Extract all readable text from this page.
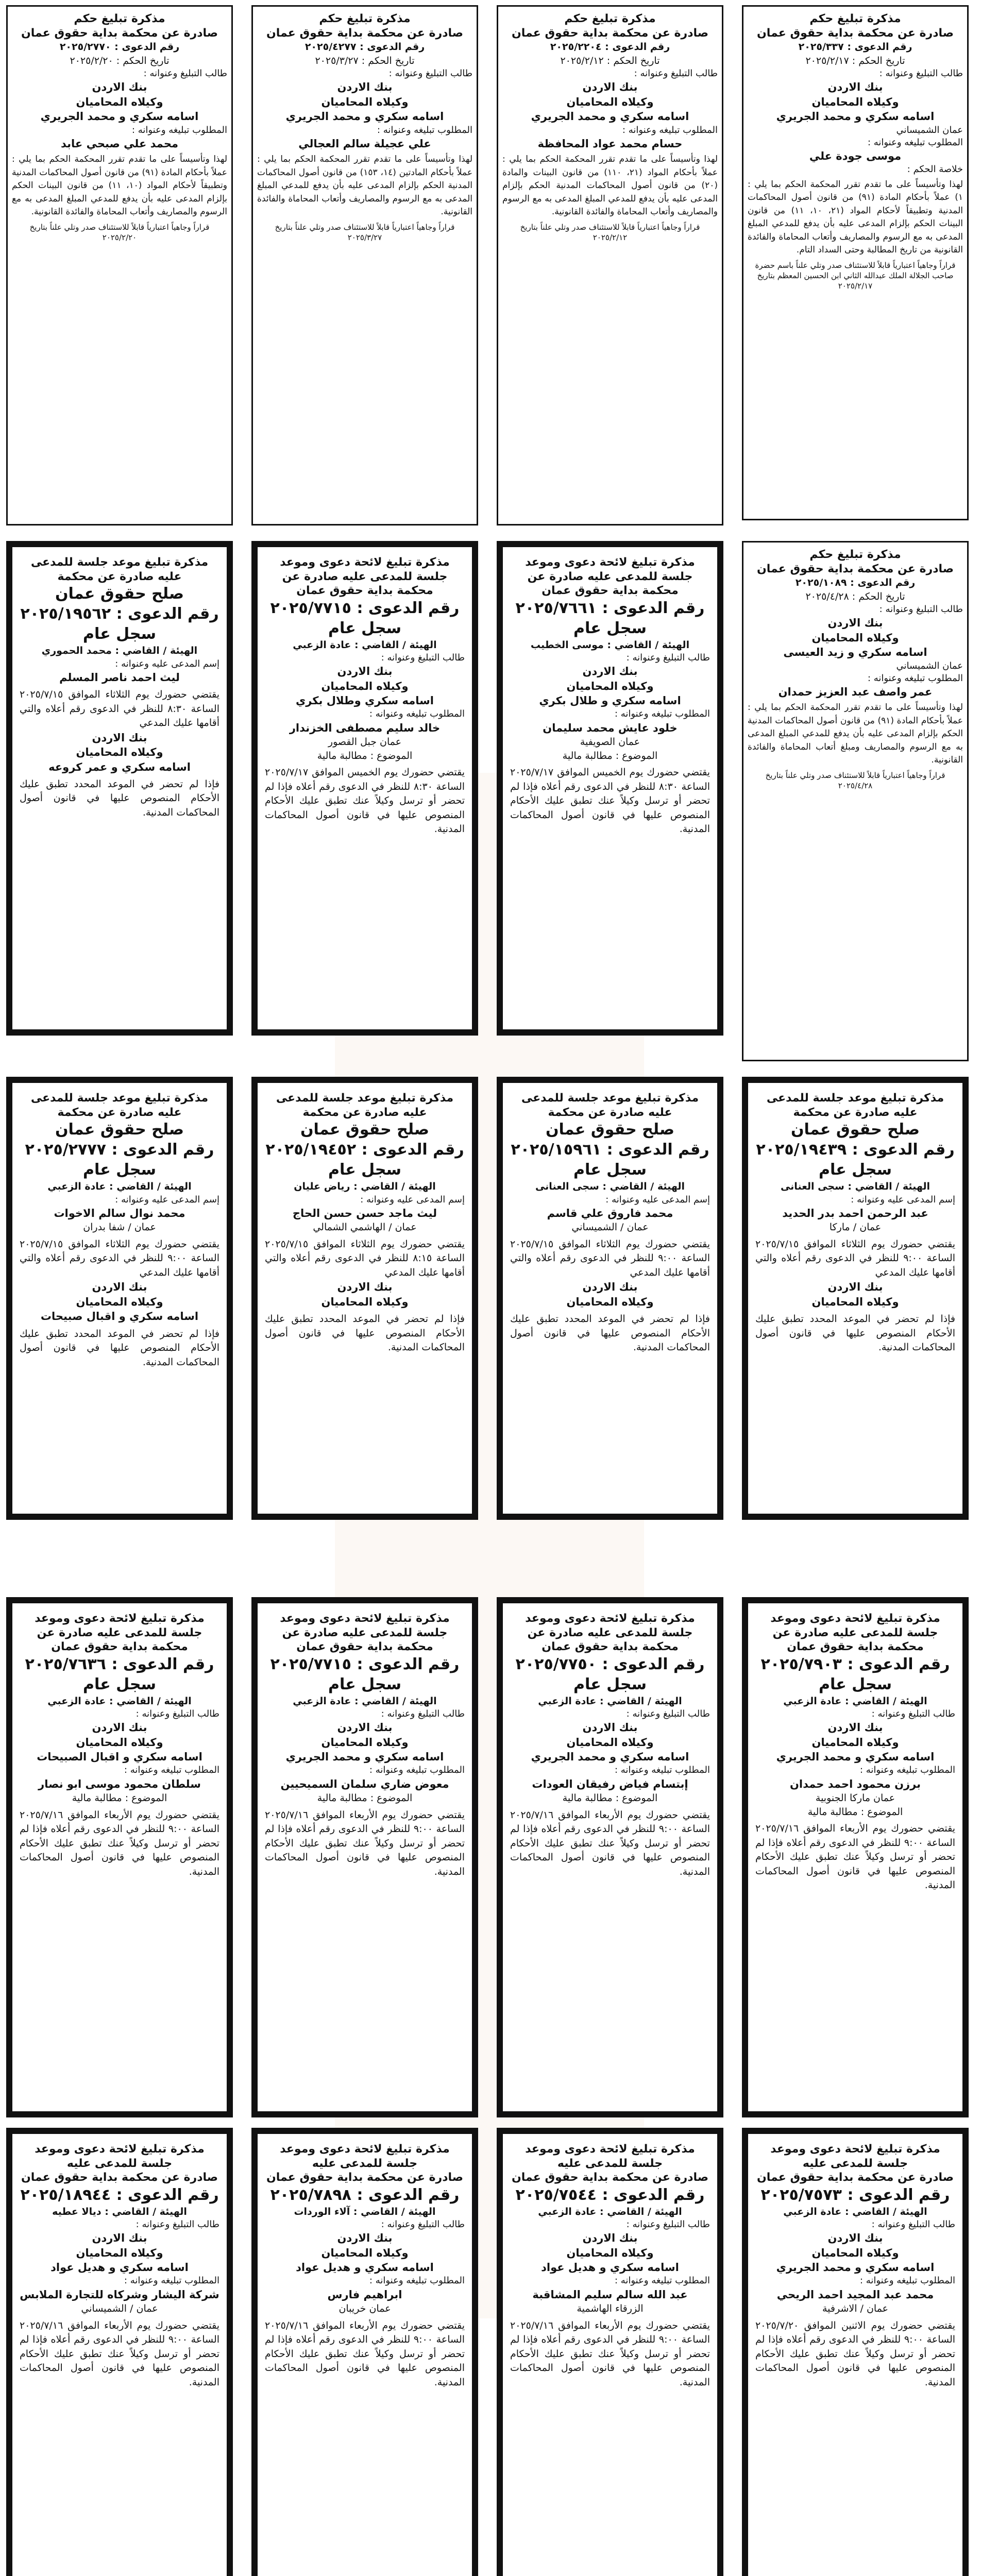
مذكرة تبليغ حكم
صادرة عن محكمة بداية حقوق عمان
رقم الدعوى : ٢٠٢٥/٣٣٧
تاريخ الحكم : ٢٠٢٥/٢/١٧
طالب التبليغ وعنوانه :
بنك الاردن
وكيلاه المحاميان
اسامه سكري و محمد الجريري
عمان الشميساني
المطلوب تبليغه وعنوانه :
موسى جودة علي
خلاصة الحكم :
لهذا وتأسيساً على ما تقدم تقرر المحكمة الحكم بما يلي : ١) عملاً بأحكام المادة (٩١) من قانون أصول المحاكمات المدنية وتطبيقاً لأحكام المواد (٢١، ١٠، ١١) من قانون البينات الحكم بإلزام المدعى عليه بأن يدفع للمدعي المبلغ المدعى به مع الرسوم والمصاريف وأتعاب المحاماة والفائدة القانونية من تاريخ المطالبة وحتى السداد التام.
قراراً وجاهياً اعتبارياً قابلاً للاستئناف صدر وتلي علناً باسم حضرة صاحب الجلالة الملك عبدالله الثاني ابن الحسين المعظم بتاريخ ٢٠٢٥/٢/١٧
مذكرة تبليغ حكم
صادرة عن محكمة بداية حقوق عمان
رقم الدعوى : ٢٠٢٥/١٠٨٩
تاريخ الحكم : ٢٠٢٥/٤/٢٨
طالب التبليغ وعنوانه :
بنك الاردن
وكيلاه المحاميان
اسامه سكري و زيد العيسى
عمان الشميساني
المطلوب تبليغه وعنوانه :
عمر واصف عبد العزيز حمدان
لهذا وتأسيساً على ما تقدم تقرر المحكمة الحكم بما يلي : عملاً بأحكام المادة (٩١) من قانون أصول المحاكمات المدنية الحكم بإلزام المدعى عليه بأن يدفع للمدعي المبلغ المدعى به مع الرسوم والمصاريف ومبلغ أتعاب المحاماة والفائدة القانونية.
قراراً وجاهياً اعتبارياً قابلاً للاستئناف صدر وتلي علناً بتاريخ ٢٠٢٥/٤/٢٨
مذكرة تبليغ موعد جلسة للمدعى عليه صادرة عن محكمة
صلح حقوق عمان
رقم الدعوى : ٢٠٢٥/١٩٤٣٩
سجل عام
الهيئة / القاضي : سجى العنانى
إسم المدعى عليه وعنوانه :
عبد الرحمن احمد بدر الحديد
عمان / ماركا
يقتضي حضورك يوم الثلاثاء الموافق ٢٠٢٥/٧/١٥ الساعة ٩:٠٠ للنظر في الدعوى رقم أعلاه والتي أقامها عليك المدعي
بنك الاردن
وكيلاه المحاميان
فإذا لم تحضر في الموعد المحدد تطبق عليك الأحكام المنصوص عليها في قانون أصول المحاكمات المدنية.
مذكرة تبليغ لائحة دعوى وموعد جلسة للمدعى عليه صادرة عن محكمة بداية حقوق عمان
رقم الدعوى : ٢٠٢٥/٧٩٠٣
سجل عام
الهيئة / القاضي : عادة الزعبي
طالب التبليغ وعنوانه :
بنك الاردن
وكيلاه المحاميان
اسامه سكري و محمد الجريري
المطلوب تبليغه وعنوانه :
برزن محمود احمد حمدان
عمان ماركا الجنوبية
الموضوع : مطالبة مالية
يقتضي حضورك يوم الأربعاء الموافق ٢٠٢٥/٧/١٦ الساعة ٩:٠٠ للنظر في الدعوى رقم أعلاه فإذا لم تحضر أو ترسل وكيلاً عنك تطبق عليك الأحكام المنصوص عليها في قانون أصول المحاكمات المدنية.
مذكرة تبليغ لائحة دعوى وموعد جلسة للمدعى عليه
صادرة عن محكمة بداية حقوق عمان
رقم الدعوى : ٢٠٢٥/٧٥٧٣
الهيئة / القاضي : عادة الزعبي
طالب التبليغ وعنوانه :
بنك الاردن
وكيلاه المحاميان
اسامه سكري و محمد الجريري
المطلوب تبليغه وعنوانه :
محمد عبد المجيد احمد الريحي
عمان / الاشرفية
يقتضي حضورك يوم الاثنين الموافق ٢٠٢٥/٧/٢٠ الساعة ٩:٠٠ للنظر في الدعوى رقم أعلاه فإذا لم تحضر أو ترسل وكيلاً عنك تطبق عليك الأحكام المنصوص عليها في قانون أصول المحاكمات المدنية.
مذكرة تبليغ حكم
صادرة عن محكمة بداية حقوق عمان
رقم الدعوى : ٢٠٢٥/٢٢٠٤
تاريخ الحكم : ٢٠٢٥/٢/١٢
طالب التبليغ وعنوانه :
بنك الاردن
وكيلاه المحاميان
اسامه سكري و محمد الجريري
المطلوب تبليغه وعنوانه :
حسام محمد عواد المحافظة
لهذا وتأسيساً على ما تقدم تقرر المحكمة الحكم بما يلي : عملاً بأحكام المواد (٢١، ١١٠) من قانون البينات والمادة (٢٠) من قانون أصول المحاكمات المدنية الحكم بإلزام المدعى عليه بأن يدفع للمدعي المبلغ المدعى به مع الرسوم والمصاريف وأتعاب المحاماة والفائدة القانونية.
قراراً وجاهياً اعتبارياً قابلاً للاستئناف صدر وتلي علناً بتاريخ ٢٠٢٥/٢/١٢
مذكرة تبليغ لائحة دعوى وموعد جلسة للمدعى عليه صادرة عن محكمة بداية حقوق عمان
رقم الدعوى : ٢٠٢٥/٧٦٦١
سجل عام
الهيئة / القاضي : موسى الخطيب
طالب التبليغ وعنوانه :
بنك الاردن
وكيلاه المحاميان
اسامه سكري و طلال بكري
المطلوب تبليغه وعنوانه :
خلود عايش محمد سليمان
عمان الصويفية
الموضوع : مطالبة مالية
يقتضي حضورك يوم الخميس الموافق ٢٠٢٥/٧/١٧ الساعة ٨:٣٠ للنظر في الدعوى رقم أعلاه فإذا لم تحضر أو ترسل وكيلاً عنك تطبق عليك الأحكام المنصوص عليها في قانون أصول المحاكمات المدنية.
مذكرة تبليغ موعد جلسة للمدعى عليه صادرة عن محكمة
صلح حقوق عمان
رقم الدعوى : ٢٠٢٥/١٥٩٦١
سجل عام
الهيئة / القاضي : سجى العنانى
إسم المدعى عليه وعنوانه :
محمد فاروق علي قاسم
عمان / الشميساني
يقتضي حضورك يوم الثلاثاء الموافق ٢٠٢٥/٧/١٥ الساعة ٩:٠٠ للنظر في الدعوى رقم أعلاه والتي أقامها عليك المدعي
بنك الاردن
وكيلاه المحاميان
فإذا لم تحضر في الموعد المحدد تطبق عليك الأحكام المنصوص عليها في قانون أصول المحاكمات المدنية.
مذكرة تبليغ لائحة دعوى وموعد جلسة للمدعى عليه صادرة عن محكمة بداية حقوق عمان
رقم الدعوى : ٢٠٢٥/٧٧٥٠
سجل عام
الهيئة / القاضي : عادة الزعبي
طالب التبليغ وعنوانه :
بنك الاردن
وكيلاه المحاميان
اسامه سكري و محمد الجريري
المطلوب تبليغه وعنوانه :
إبتسام فياض رفيقان العودات
الموضوع : مطالبة مالية
يقتضي حضورك يوم الأربعاء الموافق ٢٠٢٥/٧/١٦ الساعة ٩:٠٠ للنظر في الدعوى رقم أعلاه فإذا لم تحضر أو ترسل وكيلاً عنك تطبق عليك الأحكام المنصوص عليها في قانون أصول المحاكمات المدنية.
مذكرة تبليغ لائحة دعوى وموعد جلسة للمدعى عليه
صادرة عن محكمة بداية حقوق عمان
رقم الدعوى : ٢٠٢٥/٧٥٤٤
الهيئة / القاضي : عادة الزعبي
طالب التبليغ وعنوانه :
بنك الاردن
وكيلاه المحاميان
اسامه سكري و هديل عواد
المطلوب تبليغه وعنوانه :
عبد الله سالم سليم المشاقبة
الزرقاء الهاشمية
يقتضي حضورك يوم الأربعاء الموافق ٢٠٢٥/٧/١٦ الساعة ٩:٠٠ للنظر في الدعوى رقم أعلاه فإذا لم تحضر أو ترسل وكيلاً عنك تطبق عليك الأحكام المنصوص عليها في قانون أصول المحاكمات المدنية.
مذكرة تبليغ حكم
صادرة عن محكمة بداية حقوق عمان
رقم الدعوى : ٢٠٢٥/٤٢٧٧
تاريخ الحكم : ٢٠٢٥/٣/٢٧
طالب التبليغ وعنوانه :
بنك الاردن
وكيلاه المحاميان
اسامه سكري و محمد الجريري
المطلوب تبليغه وعنوانه :
علي عجيلة سالم العجالي
لهذا وتأسيساً على ما تقدم تقرر المحكمة الحكم بما يلي : عملاً بأحكام المادتين (١٤، ١٥٣) من قانون أصول المحاكمات المدنية الحكم بإلزام المدعى عليه بأن يدفع للمدعي المبلغ المدعى به مع الرسوم والمصاريف وأتعاب المحاماة والفائدة القانونية.
قراراً وجاهياً اعتبارياً قابلاً للاستئناف صدر وتلي علناً بتاريخ ٢٠٢٥/٣/٢٧
مذكرة تبليغ لائحة دعوى وموعد جلسة للمدعى عليه صادرة عن محكمة بداية حقوق عمان
رقم الدعوى : ٢٠٢٥/٧٧١٥
سجل عام
الهيئة / القاضي : عادة الزعبي
طالب التبليغ وعنوانه :
بنك الاردن
وكيلاه المحاميان
اسامه سكري وطلال بكري
المطلوب تبليغه وعنوانه :
خالد سليم مصطفى الخزندار
عمان جبل القصور
الموضوع : مطالبة مالية
يقتضي حضورك يوم الخميس الموافق ٢٠٢٥/٧/١٧ الساعة ٨:٣٠ للنظر في الدعوى رقم أعلاه فإذا لم تحضر أو ترسل وكيلاً عنك تطبق عليك الأحكام المنصوص عليها في قانون أصول المحاكمات المدنية.
مذكرة تبليغ موعد جلسة للمدعى عليه صادرة عن محكمة
صلح حقوق عمان
رقم الدعوى : ٢٠٢٥/١٩٤٥٢
سجل عام
الهيئة / القاضي : رياض عليان
إسم المدعى عليه وعنوانه :
ليث ماجد حسن حسن الحاج
عمان / الهاشمي الشمالي
يقتضي حضورك يوم الثلاثاء الموافق ٢٠٢٥/٧/١٥ الساعة ٨:١٥ للنظر في الدعوى رقم أعلاه والتي أقامها عليك المدعي
بنك الاردن
وكيلاه المحاميان
فإذا لم تحضر في الموعد المحدد تطبق عليك الأحكام المنصوص عليها في قانون أصول المحاكمات المدنية.
مذكرة تبليغ لائحة دعوى وموعد جلسة للمدعى عليه صادرة عن محكمة بداية حقوق عمان
رقم الدعوى : ٢٠٢٥/٧٧١٥
سجل عام
الهيئة / القاضي : عادة الزعبي
طالب التبليغ وعنوانه :
بنك الاردن
وكيلاه المحاميان
اسامه سكري و محمد الجريري
المطلوب تبليغه وعنوانه :
معوض ضاري سلمان السميحيين
الموضوع : مطالبة مالية
يقتضي حضورك يوم الأربعاء الموافق ٢٠٢٥/٧/١٦ الساعة ٩:٠٠ للنظر في الدعوى رقم أعلاه فإذا لم تحضر أو ترسل وكيلاً عنك تطبق عليك الأحكام المنصوص عليها في قانون أصول المحاكمات المدنية.
مذكرة تبليغ لائحة دعوى وموعد جلسة للمدعى عليه
صادرة عن محكمة بداية حقوق عمان
رقم الدعوى : ٢٠٢٥/٧٨٩٨
الهيئة / القاضي : آلاء الوردات
طالب التبليغ وعنوانه :
بنك الاردن
وكيلاه المحاميان
اسامه سكري و هديل عواد
المطلوب تبليغه وعنوانه :
ابراهيم فارس
عمان خريبان
يقتضي حضورك يوم الأربعاء الموافق ٢٠٢٥/٧/١٦ الساعة ٩:٠٠ للنظر في الدعوى رقم أعلاه فإذا لم تحضر أو ترسل وكيلاً عنك تطبق عليك الأحكام المنصوص عليها في قانون أصول المحاكمات المدنية.
مذكرة تبليغ حكم
صادرة عن محكمة بداية حقوق عمان
رقم الدعوى : ٢٠٢٥/٢٧٧٠
تاريخ الحكم : ٢٠٢٥/٢/٢٠
طالب التبليغ وعنوانه :
بنك الاردن
وكيلاه المحاميان
اسامه سكري و محمد الجريري
المطلوب تبليغه وعنوانه :
محمد علي صبحي عابد
لهذا وتأسيساً على ما تقدم تقرر المحكمة الحكم بما يلي : عملاً بأحكام المادة (٩١) من قانون أصول المحاكمات المدنية وتطبيقاً لأحكام المواد (١٠، ١١) من قانون البينات الحكم بإلزام المدعى عليه بأن يدفع للمدعي المبلغ المدعى به مع الرسوم والمصاريف وأتعاب المحاماة والفائدة القانونية.
قراراً وجاهياً اعتبارياً قابلاً للاستئناف صدر وتلي علناً بتاريخ ٢٠٢٥/٢/٢٠
مذكرة تبليغ موعد جلسة للمدعى عليه صادرة عن محكمة
صلح حقوق عمان
رقم الدعوى : ٢٠٢٥/١٩٥٦٢
سجل عام
الهيئة / القاضي : محمد الحموري
إسم المدعى عليه وعنوانه :
ليث احمد ناصر المسلم
يقتضي حضورك يوم الثلاثاء الموافق ٢٠٢٥/٧/١٥ الساعة ٨:٣٠ للنظر في الدعوى رقم أعلاه والتي أقامها عليك المدعي
بنك الاردن
وكيلاه المحاميان
اسامه سكري و عمر كروعه
فإذا لم تحضر في الموعد المحدد تطبق عليك الأحكام المنصوص عليها في قانون أصول المحاكمات المدنية.
مذكرة تبليغ موعد جلسة للمدعى عليه صادرة عن محكمة
صلح حقوق عمان
رقم الدعوى : ٢٠٢٥/٢٧٧٧
سجل عام
الهيئة / القاضي : عادة الزعبي
إسم المدعى عليه وعنوانه :
محمد نوال سالم الاخوات
عمان / شفا بدران
يقتضي حضورك يوم الثلاثاء الموافق ٢٠٢٥/٧/١٥ الساعة ٩:٠٠ للنظر في الدعوى رقم أعلاه والتي أقامها عليك المدعي
بنك الاردن
وكيلاه المحاميان
اسامه سكري و اقبال صبيحات
فإذا لم تحضر في الموعد المحدد تطبق عليك الأحكام المنصوص عليها في قانون أصول المحاكمات المدنية.
مذكرة تبليغ لائحة دعوى وموعد جلسة للمدعى عليه صادرة عن محكمة بداية حقوق عمان
رقم الدعوى : ٢٠٢٥/٧٦٣٦
سجل عام
الهيئة / القاضي : عادة الزعبي
طالب التبليغ وعنوانه :
بنك الاردن
وكيلاه المحاميان
اسامه سكري و اقبال الصبيحات
المطلوب تبليغه وعنوانه :
سلطان محمود موسى ابو نصار
الموضوع : مطالبة مالية
يقتضي حضورك يوم الأربعاء الموافق ٢٠٢٥/٧/١٦ الساعة ٩:٠٠ للنظر في الدعوى رقم أعلاه فإذا لم تحضر أو ترسل وكيلاً عنك تطبق عليك الأحكام المنصوص عليها في قانون أصول المحاكمات المدنية.
مذكرة تبليغ لائحة دعوى وموعد جلسة للمدعى عليه
صادرة عن محكمة بداية حقوق عمان
رقم الدعوى : ٢٠٢٥/١٨٩٤٤
الهيئة / القاضي : ديالا عطيه
طالب التبليغ وعنوانه :
بنك الاردن
وكيلاه المحاميان
اسامه سكري و هديل عواد
المطلوب تبليغه وعنوانه :
شركة اليشار وشركاه للتجارة الملابس
عمان / الشميساني
يقتضي حضورك يوم الأربعاء الموافق ٢٠٢٥/٧/١٦ الساعة ٩:٠٠ للنظر في الدعوى رقم أعلاه فإذا لم تحضر أو ترسل وكيلاً عنك تطبق عليك الأحكام المنصوص عليها في قانون أصول المحاكمات المدنية.
